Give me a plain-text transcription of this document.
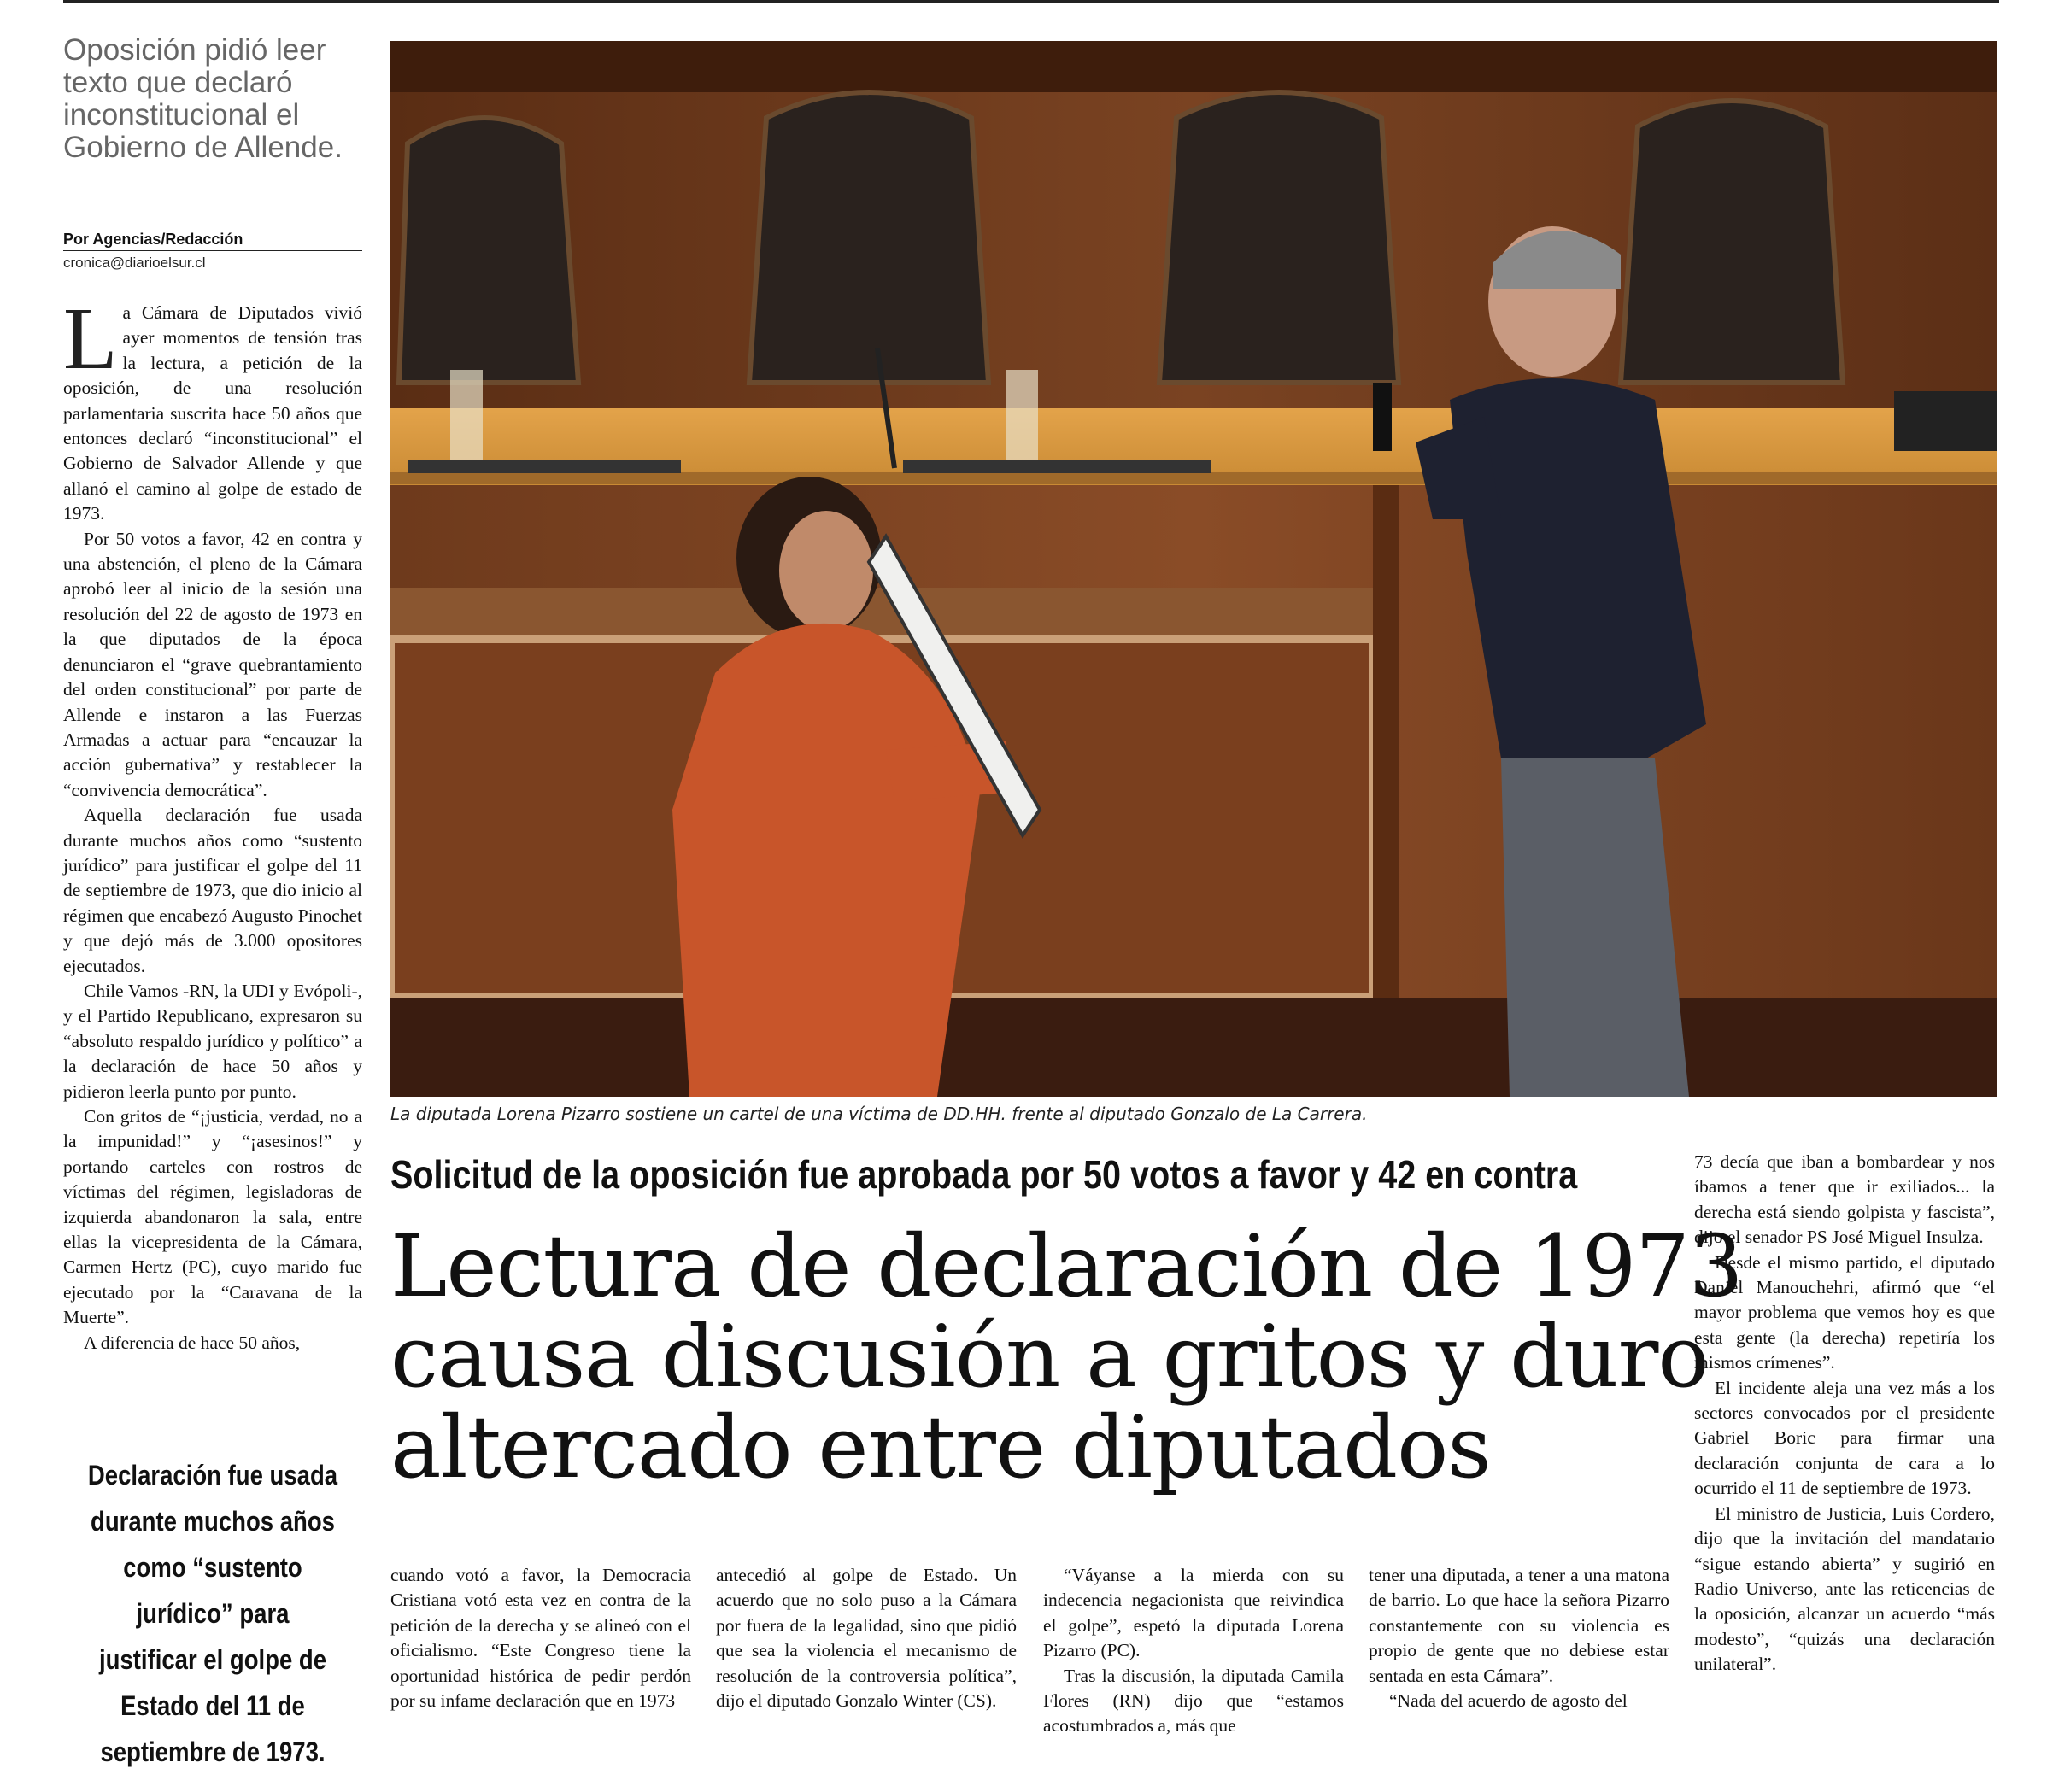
Oposición pidió leer texto que declaró inconstitucional el Gobierno de Allende.
Por Agencias/Redacción
cronica@diarioelsur.cl

La Cámara de Diputados vivió ayer momentos de tensión tras la lectura, a petición de la oposición, de una resolución parlamentaria suscrita hace 50 años que entonces declaró “inconstitucional” el Gobierno de Salvador Allende y que allanó el camino al golpe de estado de 1973.

Por 50 votos a favor, 42 en contra y una abstención, el pleno de la Cámara aprobó leer al inicio de la sesión una resolución del 22 de agosto de 1973 en la que diputados de la época denunciaron el “grave quebrantamiento del orden constitucional” por parte de Allende e instaron a las Fuerzas Armadas a actuar para “encauzar la acción gubernativa” y restablecer la “convivencia democrática”.

Aquella declaración fue usada durante muchos años como “sustento jurídico” para justificar el golpe del 11 de septiembre de 1973, que dio inicio al régimen que encabezó Augusto Pinochet y que dejó más de 3.000 opositores ejecutados.

Chile Vamos -RN, la UDI y Evópoli-, y el Partido Republicano, expresaron su “absoluto respaldo jurídico y político” a la declaración de hace 50 años y pidieron leerla punto por punto.

Con gritos de “¡justicia, verdad, no a la impunidad!” y “¡asesinos!” y portando carteles con rostros de víctimas del régimen, legisladoras de izquierda abandonaron la sala, entre ellas la vicepresidenta de la Cámara, Carmen Hertz (PC), cuyo marido fue ejecutado por la “Caravana de la Muerte”.

A diferencia de hace 50 años,

Declaración fue usada durante muchos años como “sustento jurídico” para justificar el golpe de Estado del 11 de septiembre de 1973.
La diputada Lorena Pizarro sostiene un cartel de una víctima de DD.HH. frente al diputado Gonzalo de La Carrera.
Solicitud de la oposición fue aprobada por 50 votos a favor y 42 en contra
Lectura de declaración de 1973
causa discusión a gritos y duro
altercado entre diputados

cuando votó a favor, la Democracia Cristiana votó esta vez en contra de la petición de la derecha y se alineó con el oficialismo. “Este Congreso tiene la oportunidad histórica de pedir perdón por su infame declaración que en 1973

antecedió al golpe de Estado. Un acuerdo que no solo puso a la Cámara por fuera de la legalidad, sino que pidió que sea la violencia el mecanismo de resolución de la controversia política”, dijo el diputado Gonzalo Winter (CS).

“Váyanse a la mierda con su indecencia negacionista que reivindica el golpe”, espetó la diputada Lorena Pizarro (PC).

Tras la discusión, la diputada Camila Flores (RN) dijo que “estamos acostumbrados a, más que

tener una diputada, a tener a una matona de barrio. Lo que hace la señora Pizarro constantemente con su violencia es propio de gente que no debiese estar sentada en esta Cámara”.

“Nada del acuerdo de agosto del

73 decía que iban a bombardear y nos íbamos a tener que ir exiliados... la derecha está siendo golpista y fascista”, dijo el senador PS José Miguel Insulza.

Desde el mismo partido, el diputado Daniel Manouchehri, afirmó que “el mayor problema que vemos hoy es que esta gente (la derecha) repetiría los mismos crímenes”.

El incidente aleja una vez más a los sectores convocados por el presidente Gabriel Boric para firmar una declaración conjunta de cara a lo ocurrido el 11 de septiembre de 1973.

El ministro de Justicia, Luis Cordero, dijo que la invitación del mandatario “sigue estando abierta” y sugirió en Radio Universo, ante las reticencias de la oposición, alcanzar un acuerdo “más modesto”, “quizás una declaración unilateral”.
